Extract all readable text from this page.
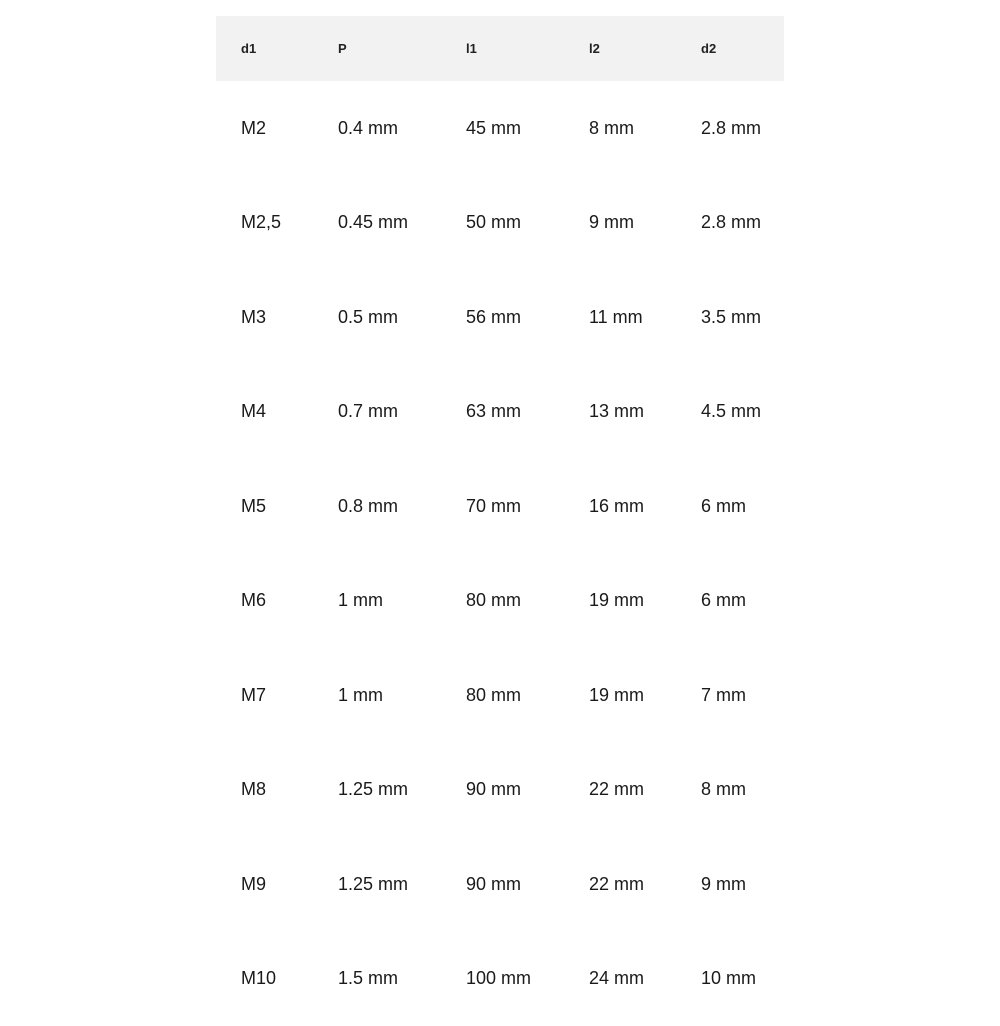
d1	P	l1	l2	d2
M2	0.4 mm	45 mm	8 mm	2.8 mm
M2,5	0.45 mm	50 mm	9 mm	2.8 mm
M3	0.5 mm	56 mm	11 mm	3.5 mm
M4	0.7 mm	63 mm	13 mm	4.5 mm
M5	0.8 mm	70 mm	16 mm	6 mm
M6	1 mm	80 mm	19 mm	6 mm
M7	1 mm	80 mm	19 mm	7 mm
M8	1.25 mm	90 mm	22 mm	8 mm
M9	1.25 mm	90 mm	22 mm	9 mm
M10	1.5 mm	100 mm	24 mm	10 mm
